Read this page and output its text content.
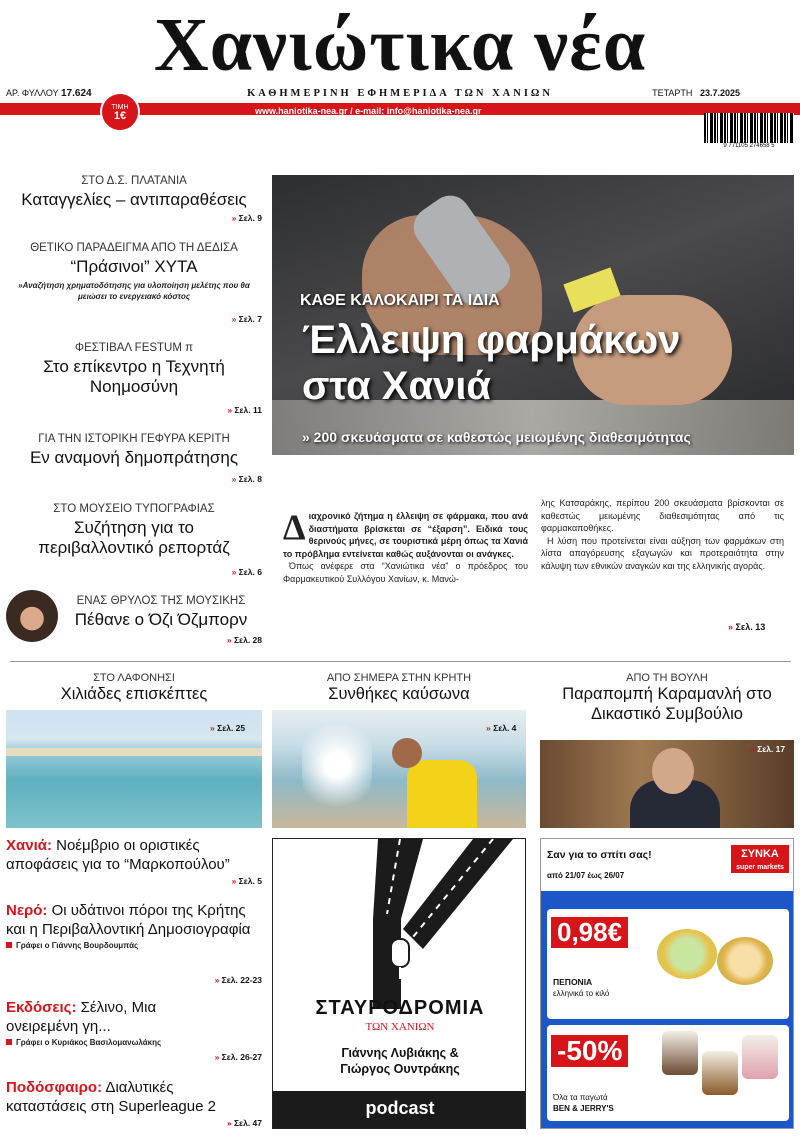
Χανιώτικα νέα
ΑΡ. ΦΥΛΛΟΥ 17.624	ΚΑΘΗΜΕΡΙΝΗ ΕΦΗΜΕΡΙΔΑ ΤΩΝ ΧΑΝΙΩΝ	ΤΕΤΑΡΤΗ 23.7.2025
www.haniotika-nea.gr / e-mail: info@haniotika-nea.gr
ΤΙΜΗ
1€
9 771105 274658 5
ΣΤΟ Δ.Σ. ΠΛΑΤΑΝΙΑ
Καταγγελίες – αντιπαραθέσεις
» Σελ. 9
ΘΕΤΙΚΟ ΠΑΡΑΔΕΙΓΜΑ ΑΠΟ ΤΗ ΔΕΔΙΣΑ
“Πράσινοι” ΧΥΤΑ
»Αναζήτηση χρηματοδότησης για υλοποίηση μελέτης που θα μειώσει το ενεργειακό κόστος
» Σελ. 7
ΦΕΣΤΙΒΑΛ FESTUM π
Στο επίκεντρο η Τεχνητή Νοημοσύνη
» Σελ. 11
ΓΙΑ ΤΗΝ ΙΣΤΟΡΙΚΗ ΓΕΦΥΡΑ ΚΕΡΙΤΗ
Εν αναμονή δημοπράτησης
» Σελ. 8
ΣΤΟ ΜΟΥΣΕΙΟ ΤΥΠΟΓΡΑΦΙΑΣ
Συζήτηση για το περιβαλλοντικό ρεπορτάζ
» Σελ. 6
ΕΝΑΣ ΘΡΥΛΟΣ ΤΗΣ ΜΟΥΣΙΚΗΣ
Πέθανε ο Όζι Όζμπορν
» Σελ. 28
ΚΑΘΕ ΚΑΛΟΚΑΙΡΙ ΤΑ ΙΔΙΑ
Έλλειψη φαρμάκων
στα Χανιά
» 200 σκευάσματα σε καθεστώς μειωμένης διαθεσιμότητας
Δ ιαχρονικό ζήτημα η έλλειψη σε φάρμακα, που ανά διαστήματα βρίσκεται σε “έξαρση”. Ειδικά τους θερινούς μήνες, σε τουριστικά μέρη όπως τα Χανιά το πρόβλημα εντείνεται καθώς αυξάνονται οι ανάγκες.
Όπως ανέφερε στα “Χανιώτικα νέα” ο πρόεδρος του Φαρμακευτικού Συλλόγου Χανίων, κ. Μανώ-
λης Κατσαράκης, περίπου 200 σκευάσματα βρίσκονται σε καθεστώς μειωμένης διαθεσιμότητας από τις φαρμακαποθήκες.
Η λύση που προτείνεται είναι αύξηση των φαρμάκων στη λίστα απαγόρευσης εξαγωγών και προτεραιότητα στην κάλυψη των εθνικών αναγκών και της ελληνικής αγοράς.
» Σελ. 13
ΣΤΟ ΛΑΦΟΝΗΣΙ
Χιλιάδες επισκέπτες
» Σελ. 25
ΑΠΟ ΣΗΜΕΡΑ ΣΤΗΝ ΚΡΗΤΗ
Συνθήκες καύσωνα
» Σελ. 4
ΑΠΟ ΤΗ ΒΟΥΛΗ
Παραπομπή Καραμανλή στο Δικαστικό Συμβούλιο
» Σελ. 17
Χανιά: Νοέμβριο οι οριστικές αποφάσεις για το “Μαρκοπούλου”
» Σελ. 5
Νερό: Οι υδάτινοι πόροι της Κρήτης και η Περιβαλλοντική Δημοσιογραφία
Γράφει ο Γιάννης Βουρδουμπάς
» Σελ. 22-23
Εκδόσεις: Σέλινο, Μια ονειρεμένη γη...
Γράφει ο Κυριάκος Βασιλομανωλάκης
» Σελ. 26-27
Ποδόσφαιρο: Διαλυτικές καταστάσεις στη Superleague 2
» Σελ. 47
ΣΤΑΥΡΟΔΡΟΜΙΑ
ΤΩΝ ΧΑΝΙΩΝ
Γιάννης Λυβιάκης &
Γιώργος Ουντράκης
podcast
Σαν για το σπίτι σας!
από 21/07 έως 26/07
ΣΥΝΚΑ
super markets
0,98€
ΠΕΠΟΝΙΑ
ελληνικά το κιλό
-50%
Όλα τα παγωτά
BEN & JERRY'S
